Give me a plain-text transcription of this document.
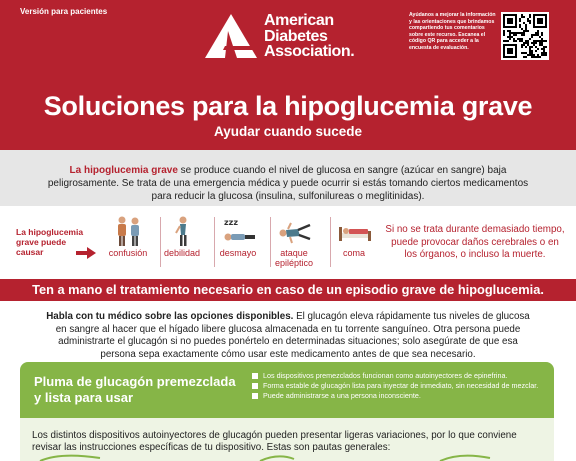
Versión para pacientes
American
Diabetes
Association.
Ayúdanos a mejorar la información y las orientaciones que brindamos compartiendo tus comentarios sobre este recurso. Escanea el código QR para acceder a la encuesta de evaluación.
Soluciones para la hipoglucemia grave
Ayudar cuando sucede

La hipoglucemia grave se produce cuando el nivel de glucosa en sangre (azúcar en sangre) baja peligrosamente. Se trata de una emergencia médica y puede ocurrir si estás tomando ciertos medicamentos para reducir la glucosa (insulina, sulfonilureas o meglitinidas).

La hipoglucemia grave puede causar	confusión	debilidad
zzz
desmayo	ataque epiléptico
coma
Si no se trata durante demasiado tiempo, puede provocar daños cerebrales o en los órganos, o incluso la muerte.
Ten a mano el tratamiento necesario en caso de un episodio grave de hipoglucemia.

Habla con tu médico sobre las opciones disponibles. El glucagón eleva rápidamente tus niveles de glucosa en sangre al hacer que el hígado libere glucosa almacenada en tu torrente sanguíneo. Otra persona puede administrarte el glucagón si no puedes ponértelo en determinadas situaciones; solo asegúrate de que esa persona sepa exactamente cómo usar este medicamento antes de que sea necesario.

Pluma de glucagón premezclada y lista para usar
Los dispositivos premezclados funcionan como autoinyectores de epinefrina.
Forma estable de glucagón lista para inyectar de inmediato, sin necesidad de mezclar.
Puede administrarse a una persona inconsciente.

Los distintos dispositivos autoinyectores de glucagón pueden presentar ligeras variaciones, por lo que conviene revisar las instrucciones específicas de tu dispositivo. Estas son pautas generales:
